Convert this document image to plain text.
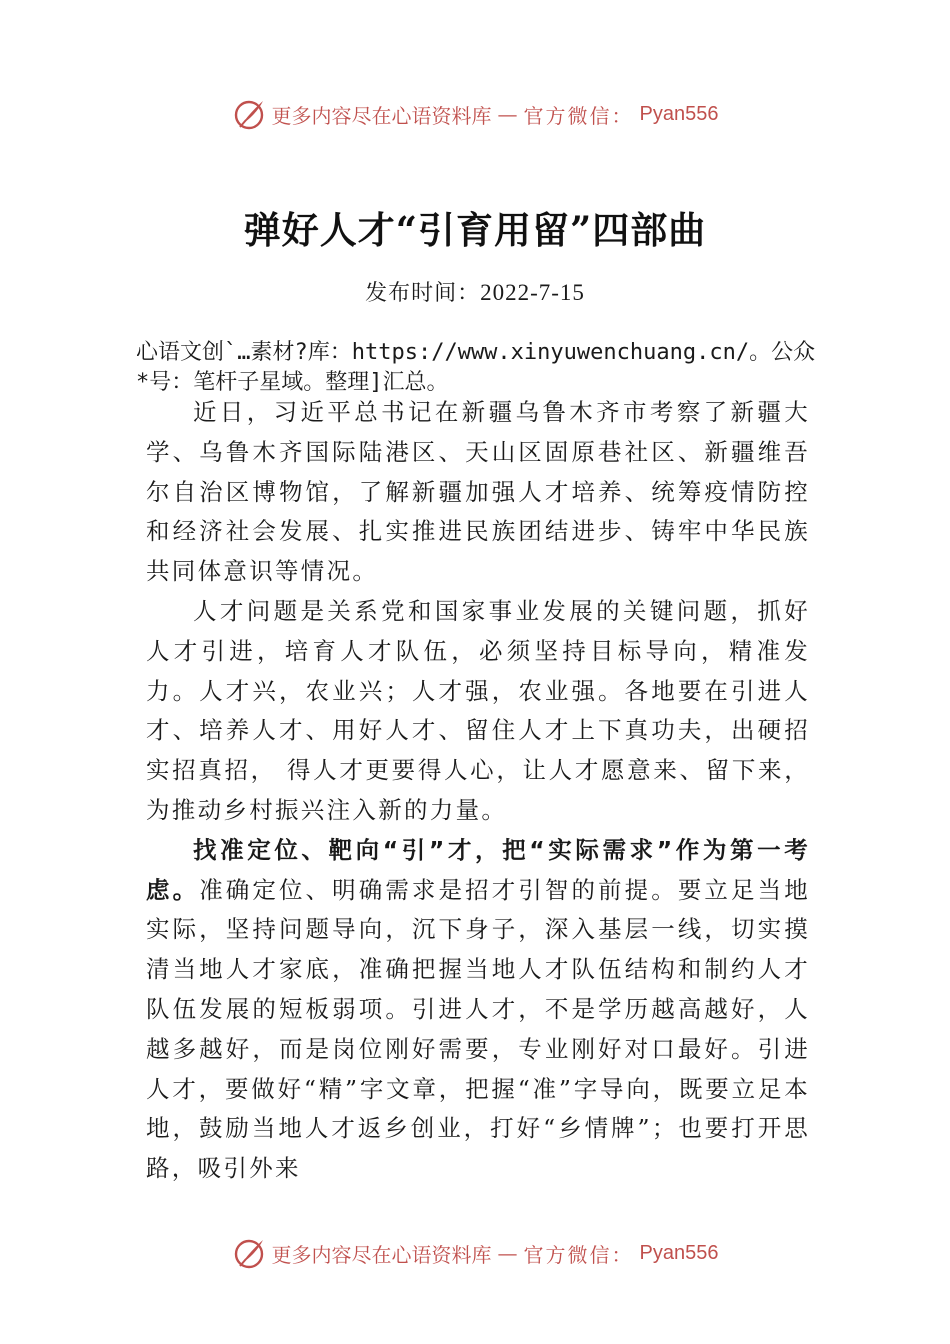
更多内容尽在心语资料库 — 官方微信： Pyan556
弹好人才“引育用留”四部曲
发布时间：2022-7-15
心语文创`…素材?库：https://www.xinyuwenchuang.cn/。公众*号：笔杆子星域。整理]汇总。

近日，习近平总书记在新疆乌鲁木齐市考察了新疆大学、乌鲁木齐国际陆港区、天山区固原巷社区、新疆维吾尔自治区博物馆，了解新疆加强人才培养、统筹疫情防控和经济社会发展、扎实推进民族团结进步、铸牢中华民族共同体意识等情况。

人才问题是关系党和国家事业发展的关键问题，抓好人才引进，培育人才队伍，必须坚持目标导向，精准发力。人才兴，农业兴；人才强，农业强。各地要在引进人才、培养人才、用好人才、留住人才上下真功夫，出硬招实招真招， 得人才更要得人心，让人才愿意来、留下来，为推动乡村振兴注入新的力量。

找准定位、靶向“引”才，把“实际需求”作为第一考虑。准确定位、明确需求是招才引智的前提。要立足当地实际，坚持问题导向，沉下身子，深入基层一线，切实摸清当地人才家底，准确把握当地人才队伍结构和制约人才队伍发展的短板弱项。引进人才，不是学历越高越好，人越多越好，而是岗位刚好需要，专业刚好对口最好。引进人才，要做好“精”字文章，把握“准”字导向，既要立足本地，鼓励当地人才返乡创业，打好“乡情牌”；也要打开思路，吸引外来

更多内容尽在心语资料库 — 官方微信： Pyan556
